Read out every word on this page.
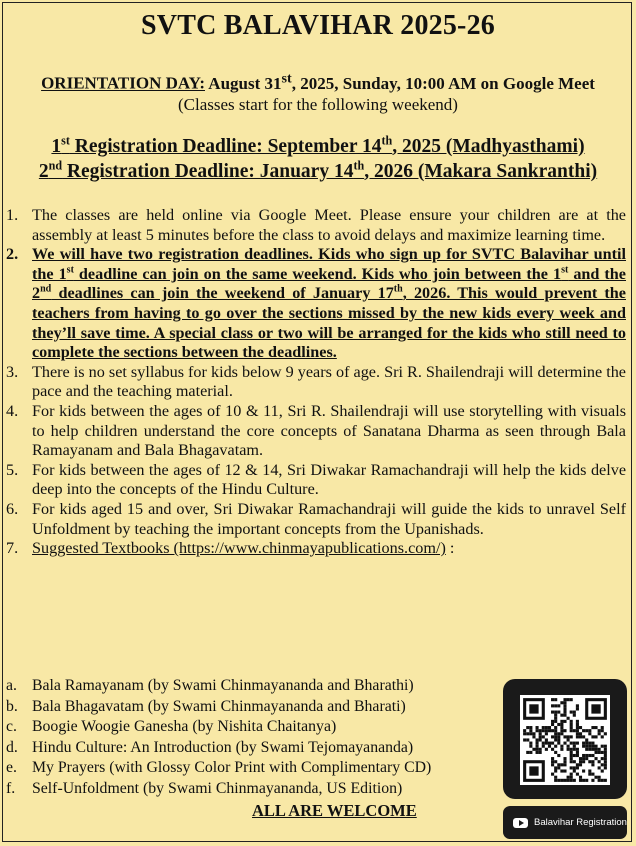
SVTC BALAVIHAR 2025-26
ORIENTATION DAY: August 31st, 2025, Sunday, 10:00 AM on Google Meet
(Classes start for the following weekend)
1st Registration Deadline: September 14th, 2025 (Madhyasthami)
2nd Registration Deadline: January 14th, 2026 (Makara Sankranthi)
1. The classes are held online via Google Meet. Please ensure your children are at the assembly at least 5 minutes before the class to avoid delays and maximize learning time.
2. We will have two registration deadlines. Kids who sign up for SVTC Balavihar until the 1st deadline can join on the same weekend. Kids who join between the 1st and the 2nd deadlines can join the weekend of January 17th, 2026. This would prevent the teachers from having to go over the sections missed by the new kids every week and they’ll save time. A special class or two will be arranged for the kids who still need to complete the sections between the deadlines.
3. There is no set syllabus for kids below 9 years of age. Sri R. Shailendraji will determine the pace and the teaching material.
4. For kids between the ages of 10 & 11, Sri R. Shailendraji will use storytelling with visuals to help children understand the core concepts of Sanatana Dharma as seen through Bala Ramayanam and Bala Bhagavatam.
5. For kids between the ages of 12 & 14, Sri Diwakar Ramachandraji will help the kids delve deep into the concepts of the Hindu Culture.
6. For kids aged 15 and over, Sri Diwakar Ramachandraji will guide the kids to unravel Self Unfoldment by teaching the important concepts from the Upanishads.
7. Suggested Textbooks (https://www.chinmayapublications.com/) :
a. Bala Ramayanam (by Swami Chinmayananda and Bharathi)
b. Bala Bhagavatam (by Swami Chinmayananda and Bharati)
c. Boogie Woogie Ganesha (by Nishita Chaitanya)
d. Hindu Culture: An Introduction (by Swami Tejomayananda)
e. My Prayers (with Glossy Color Print with Complimentary CD)
f.	Self-Unfoldment (by Swami Chinmayananda, US Edition)
ALL ARE WELCOME
Balavihar Registration
